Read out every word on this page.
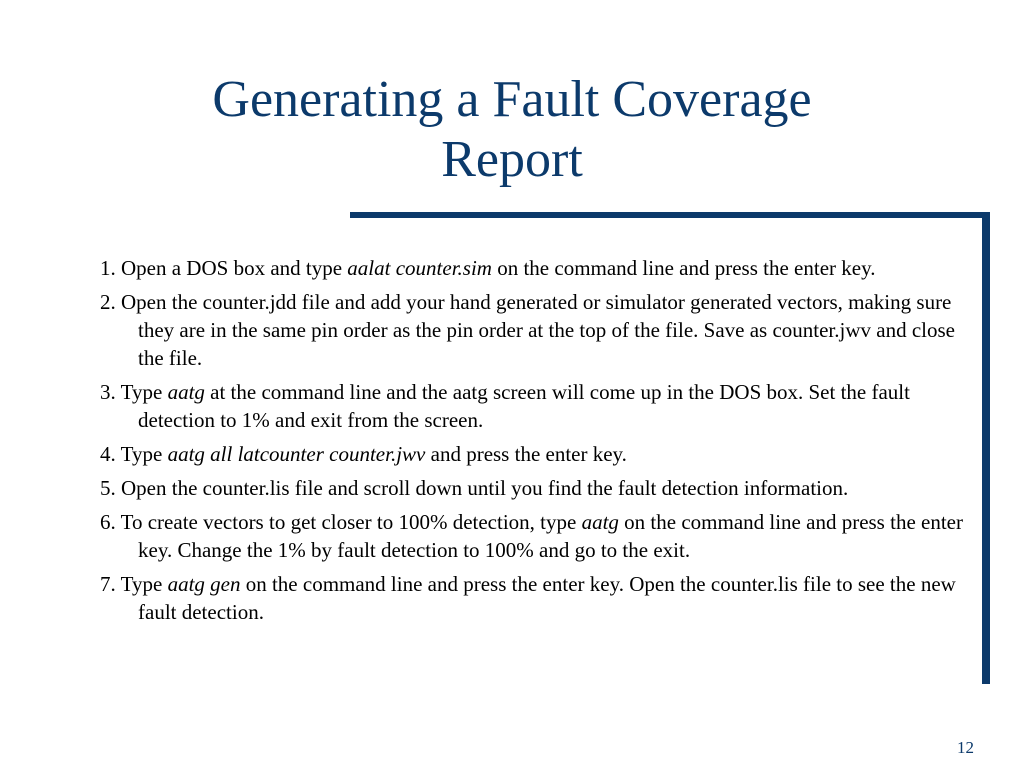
Generating a Fault Coverage
Report
1. Open a DOS box and type aalat counter.sim on the command line and press the enter key.
2. Open the counter.jdd file and add your hand generated or simulator generated vectors, making sure they are in the same pin order as the pin order at the top of the file. Save as counter.jwv and close the file.
3. Type aatg at the command line and the aatg screen will come up in the DOS box. Set the fault detection to 1% and exit from the screen.
4. Type aatg all latcounter counter.jwv and press the enter key.
5. Open the counter.lis file and scroll down until you find the fault detection information.
6. To create vectors to get closer to 100% detection, type aatg on the command line and press the enter key. Change the 1% by fault detection to 100% and go to the exit.
7. Type aatg gen on the command line and press the enter key. Open the counter.lis file to see the new fault detection.
12
